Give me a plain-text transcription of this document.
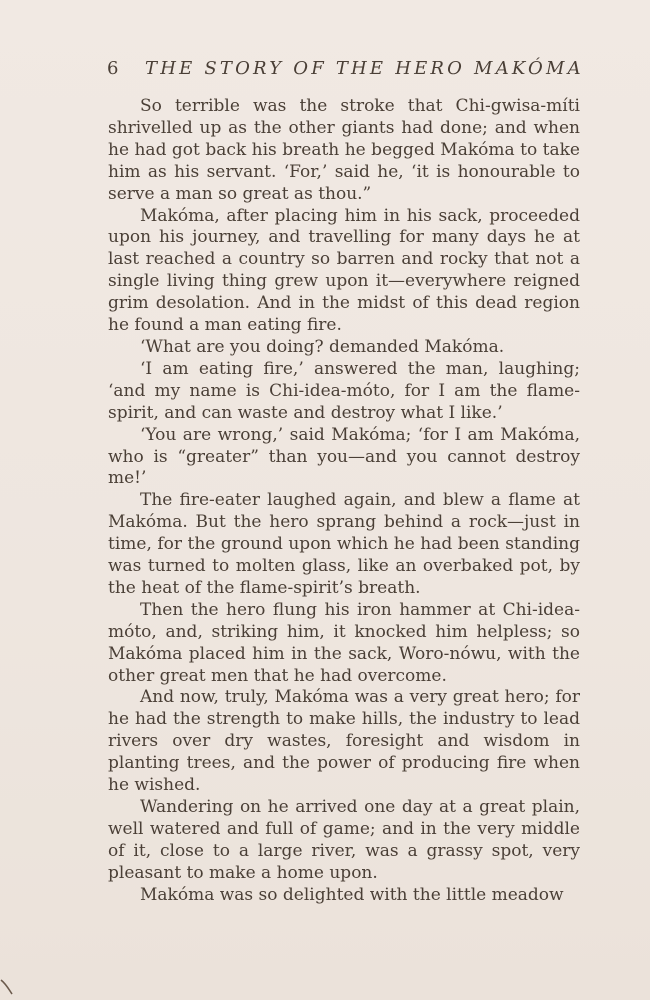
6 THE STORY OF THE HERO MAKÓMA

So terrible was the stroke that Chi-gwisa-míti shrivelled up as the other giants had done; and when he had got back his breath he begged Makóma to take him as his servant. ‘For,’ said he, ‘it is honourable to serve a man so great as thou.”

Makóma, after placing him in his sack, proceeded upon his journey, and travelling for many days he at last reached a country so barren and rocky that not a single living thing grew upon it—everywhere reigned grim desolation. And in the midst of this dead region he found a man eating fire.

‘What are you doing? demanded Makóma.

‘I am eating fire,’ answered the man, laughing; ‘and my name is Chi-idea-móto, for I am the flame-spirit, and can waste and destroy what I like.’

‘You are wrong,’ said Makóma; ‘for I am Makóma, who is “greater” than you—and you cannot destroy me!’

The fire-eater laughed again, and blew a flame at Makóma. But the hero sprang behind a rock—just in time, for the ground upon which he had been standing was turned to molten glass, like an overbaked pot, by the heat of the flame-spirit’s breath.

Then the hero flung his iron hammer at Chi-idea-móto, and, striking him, it knocked him helpless; so Makóma placed him in the sack, Woro-nówu, with the other great men that he had overcome.

And now, truly, Makóma was a very great hero; for he had the strength to make hills, the industry to lead rivers over dry wastes, foresight and wisdom in planting trees, and the power of producing fire when he wished.

Wandering on he arrived one day at a great plain, well watered and full of game; and in the very middle of it, close to a large river, was a grassy spot, very pleasant to make a home upon.

Makóma was so delighted with the little meadow
